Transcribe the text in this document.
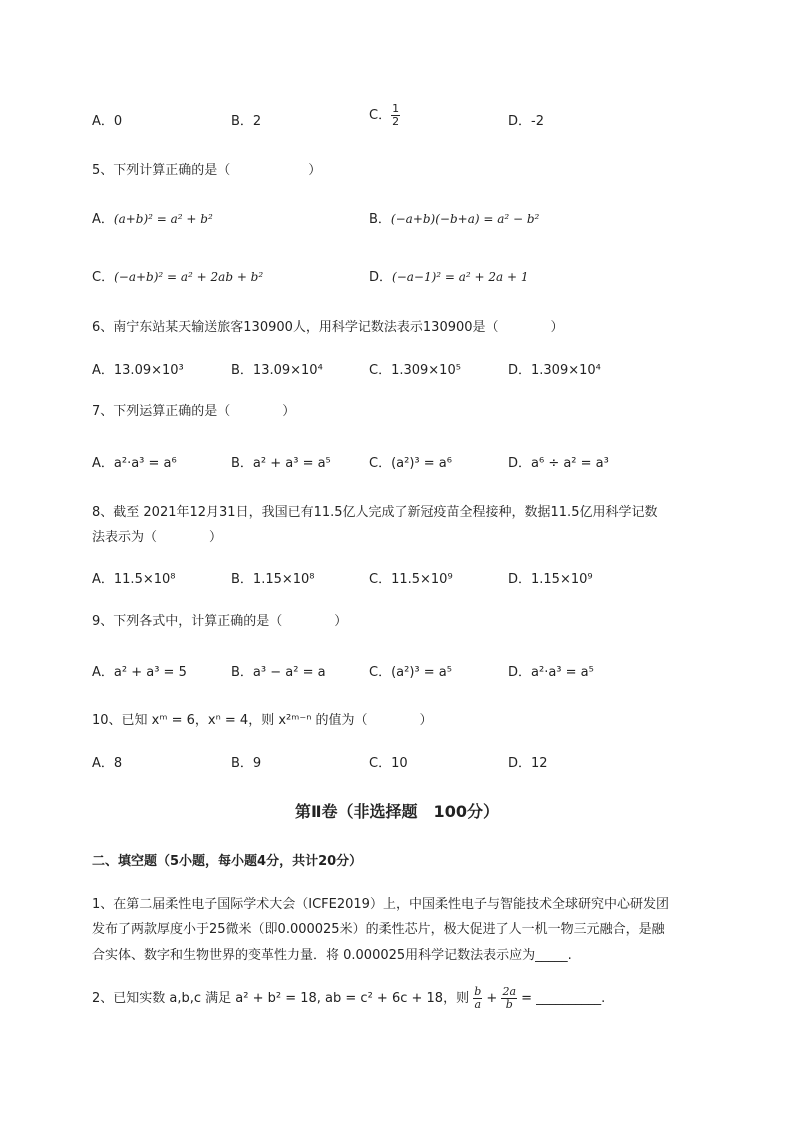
A．0	B．2	C． $\frac{1}{2}$	D．-2
5、下列计算正确的是（　　　　　　）
A．(a+b)² = a² + b²	B．(−a+b)(−b+a) = a² − b²
C．(−a+b)² = a² + 2ab + b²	D．(−a−1)² = a² + 2a + 1
6、南宁东站某天输送旅客130900人，用科学记数法表示130900是（　　　　）
A．13.09×10³	B．13.09×10⁴	C．1.309×10⁵	D．1.309×10⁴
7、下列运算正确的是（　　　　）
A．a²·a³ = a⁶	B．a² + a³ = a⁵	C．(a²)³ = a⁶	D．a⁶ ÷ a² = a³
8、截至 2021年12月31日，我国已有11.5亿人完成了新冠疫苗全程接种，数据11.5亿用科学记数
法表示为（　　　　）
A．11.5×10⁸	B．1.15×10⁸	C．11.5×10⁹	D．1.15×10⁹
9、下列各式中，计算正确的是（　　　　）
A．a² + a³ = 5	B．a³ − a² = a	C．(a²)³ = a⁵	D．a²·a³ = a⁵
10、已知 xᵐ = 6，xⁿ = 4，则 x²ᵐ⁻ⁿ 的值为（　　　　）
A．8	B．9	C．10	D．12
第Ⅱ卷（非选择题　100分）
二、填空题（5小题，每小题4分，共计20分）
1、在第二届柔性电子国际学术大会（ICFE2019）上，中国柔性电子与智能技术全球研究中心研发团
发布了两款厚度小于25微米（即0.000025米）的柔性芯片，极大促进了人一机一物三元融合，是融
合实体、数字和生物世界的变革性力量．将 0.000025用科学记数法表示应为_____.
2、已知实数 a,b,c 满足 a² + b² = 18, ab = c² + 6c + 18，则 $\frac{b}{a} + \frac{2a}{b}$ = __________.
